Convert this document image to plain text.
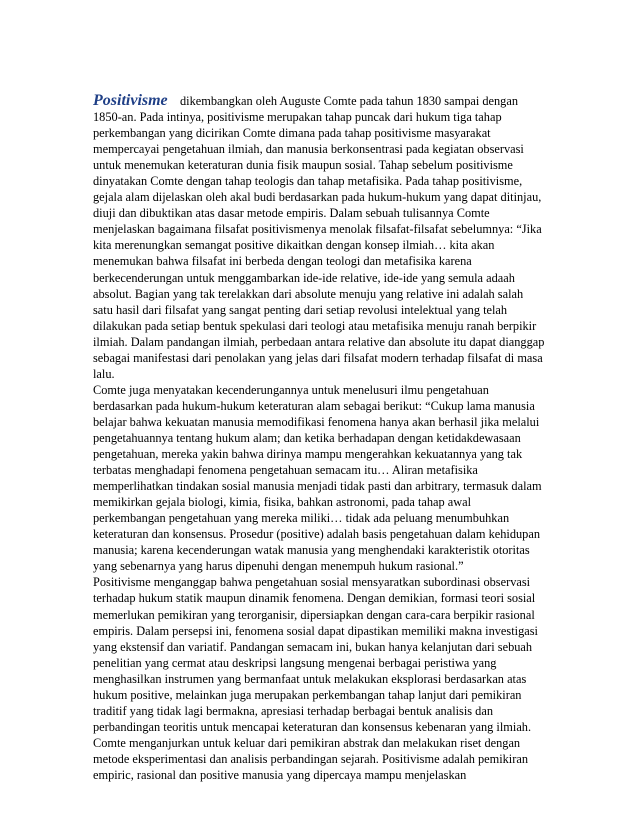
Positivisme dikembangkan oleh Auguste Comte pada tahun 1830 sampai dengan 1850-an. Pada intinya, positivisme merupakan tahap puncak dari hukum tiga tahap perkembangan yang dicirikan Comte dimana pada tahap positivisme masyarakat mempercayai pengetahuan ilmiah, dan manusia berkonsentrasi pada kegiatan observasi untuk menemukan keteraturan dunia fisik maupun sosial. Tahap sebelum positivisme dinyatakan Comte dengan tahap teologis dan tahap metafisika. Pada tahap positivisme, gejala alam dijelaskan oleh akal budi berdasarkan pada hukum-hukum yang dapat ditinjau, diuji dan dibuktikan atas dasar metode empiris. Dalam sebuah tulisannya Comte menjelaskan bagaimana filsafat positivismenya menolak filsafat-filsafat sebelumnya: “Jika kita merenungkan semangat positive dikaitkan dengan konsep ilmiah… kita akan menemukan bahwa filsafat ini berbeda dengan teologi dan metafisika karena berkecenderungan untuk menggambarkan ide-ide relative, ide-ide yang semula adaah absolut. Bagian yang tak terelakkan dari absolute menuju yang relative ini adalah salah satu hasil dari filsafat yang sangat penting dari setiap revolusi intelektual yang telah dilakukan pada setiap bentuk spekulasi dari teologi atau metafisika menuju ranah berpikir ilmiah. Dalam pandangan ilmiah, perbedaan antara relative dan absolute itu dapat dianggap sebagai manifestasi dari penolakan yang jelas dari filsafat modern terhadap filsafat di masa lalu.

Comte juga menyatakan kecenderungannya untuk menelusuri ilmu pengetahuan berdasarkan pada hukum-hukum keteraturan alam sebagai berikut: “Cukup lama manusia belajar bahwa kekuatan manusia memodifikasi fenomena hanya akan berhasil jika melalui pengetahuannya tentang hukum alam; dan ketika berhadapan dengan ketidakdewasaan pengetahuan, mereka yakin bahwa dirinya mampu mengerahkan kekuatannya yang tak terbatas menghadapi fenomena pengetahuan semacam itu… Aliran metafisika memperlihatkan tindakan sosial manusia menjadi tidak pasti dan arbitrary, termasuk dalam memikirkan gejala biologi, kimia, fisika, bahkan astronomi, pada tahap awal perkembangan pengetahuan yang mereka miliki… tidak ada peluang menumbuhkan keteraturan dan konsensus. Prosedur (positive) adalah basis pengetahuan dalam kehidupan manusia; karena kecenderungan watak manusia yang menghendaki karakteristik otoritas yang sebenarnya yang harus dipenuhi dengan menempuh hukum rasional.”

Positivisme menganggap bahwa pengetahuan sosial mensyaratkan subordinasi observasi terhadap hukum statik maupun dinamik fenomena. Dengan demikian, formasi teori sosial memerlukan pemikiran yang terorganisir, dipersiapkan dengan cara-cara berpikir rasional empiris. Dalam persepsi ini, fenomena sosial dapat dipastikan memiliki makna investigasi yang ekstensif dan variatif. Pandangan semacam ini, bukan hanya kelanjutan dari sebuah penelitian yang cermat atau deskripsi langsung mengenai berbagai peristiwa yang menghasilkan instrumen yang bermanfaat untuk melakukan eksplorasi berdasarkan atas hukum positive, melainkan juga merupakan perkembangan tahap lanjut dari pemikiran traditif yang tidak lagi bermakna, apresiasi terhadap berbagai bentuk analisis dan perbandingan teoritis untuk mencapai keteraturan dan konsensus kebenaran yang ilmiah. Comte menganjurkan untuk keluar dari pemikiran abstrak dan melakukan riset dengan metode eksperimentasi dan analisis perbandingan sejarah. Positivisme adalah pemikiran empiric, rasional dan positive manusia yang dipercaya mampu menjelaskan
